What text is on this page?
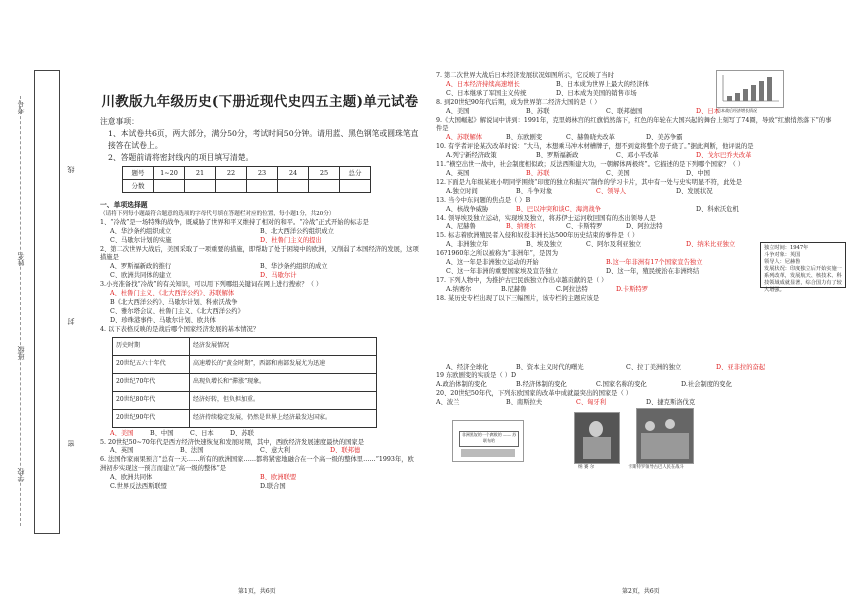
考号
姓名
班级
学校
线
封
密

川教版九年级历史(下册近现代史四五主题)单元试卷

注意事项：

1、本试卷共6页，两大部分，满分50分，考试时间50分钟。请用蓝、黑色钢笔或圆珠笔直接答在试卷上。

2、答题前请将密封线内的项目填写清楚。

题号	1~20	21	22	23	24	25	总分
分数							

一、单项选择题

（请将下列每小题最符合题意的选项的字母代号填在答题栏对应的位置，每小题1分，共20分）

1、“冷战”是一场特殊的战争，既威胁了世界和平又维持了相对的和平。“冷战”正式开始的标志是

A、华沙条约组织成立	B、北大西洋公约组织成立
C、马歇尔计划的实施	D、杜鲁门主义的提出

2、第二次世界大战后，美国采取了一项重要的措施，即帮助了处于困境中的欧洲，又削弱了本国经济的发展，这项措施是

A、罗斯福新政的推行	B、华沙条约组织的成立
C、欧洲共同体的建立	D、马歇尔计

3.小亮准备找“冷战”的有关知识，可以用下列哪组关键词在网上进行搜索？（ ）

A、杜鲁门主义、《北大西洋公约》、苏联解体

B《北大西洋公约》、马歇尔计划、科索沃战争

C、雅尔塔会议、杜鲁门主义、《北大西洋公约》

D、珍珠港事件、马歇尔计划、欧共体

4. 以下表格反映的是战后哪个国家经济发展的基本情况？

历史时期	经济发展情况
20世纪五六十年代	高速增长的“黄金时期”，西部和南部发展尤为迅速
20世纪70年代	出现负增长和“滞涨”现象。
20世纪80年代	经济好转，但负担加重。
20世纪90年代	经济持续稳定发展，仍然是世界上经济最发达国家。
A、美国	B、中国	C、日本	D、苏联

5. 20世纪50~70年代是西方经济快速恢复和发展时期，其中，西欧经济发展速度最快的国家是

A、英国	B、法国	C、意大利	D、联邦德

6. 法国作家雨果预言“总有一天……所有的欧洲国家……都将紧密地融合在一个高一级的整体里……”1993年，欧洲初步实现这一预言而建立“高一级的整体”是

A、欧洲共同体	B、欧洲联盟
C.世界反法西斯联盟	D.联合国

7. 第二次世界大战后日本经济发展状况如图所示，它反映了当时

A、日本经济持续高速增长	B、日本成为世界上最大的经济体
C、日本继承了军国主义传统	D、日本成为美国的销售市场

8. 到20世纪90年代后期，成为世界第二经济大国的是（ ）

A、美国	B、苏联	C、联邦德国	D、日本

9.《大国崛起》解说词中讲到：1991年，克里姆林宫的红旗悄然落下，红色的年轮在大国兴起的舞台上刻写了74圈，导致“红旗悄然落下”的事件是

A、苏联解体	B、东欧剧变	C、赫鲁晓夫改革	D、美苏争霸

10. 有学者评论某次改革时说：“大马，本想乘马冲木材槽牌子，想不到竟将整个房子烧了。”据此判断，他评说的是

A.列宁新经济政策	B、罗斯福新政	C、邓小平改革	D、戈尔巴乔夫改革

11.“横空出世一战中，社会制度相似政；反法西斯建大功，一朝解体两极终”。它描述的是下列哪个国家？（ ）

A、英国	B、苏联	C、美国	D、中国

12.下面是九年级某班小明同学围绕“印度的独立和振兴”制作的学习卡片，其中有一处与史实明显不符，此处是

A.独立时间	B、斗争对象	C、领导人	D、发展状况

13. 当今中东问题的焦点是（ ）B

A、核战争威胁	B、巴以冲突和谈C、海湾战争	D、科索沃危机

14. 领导埃及独立运动，实现埃及独立，将苏伊士运河收回国有的杰出领导人是

A、尼赫鲁	B、纳赛尔	C、卡斯特罗	D、阿拉法特

15. 标志着欧洲殖民者入侵和奴役非洲长达500年历史结束的事件是（ ）

A、非洲独立年	B、埃及独立	C、阿尔及利亚独立	D、纳米比亚独立

16?1960年之所以被称为“非洲年”，是因为

A、这一年是非洲独立运动的开始	B.这一年非洲有17个国家宣告独立
C、这一年非洲的重要国家埃及宣告独立	D、这一年，殖民统治在非洲终结

17. 下列人物中，为推护古巴民族独立作出卓越贡献的是（ ）

A.纳赛尔	B.尼赫鲁	C.阿拉法特	D.卡斯特罗

18. 某历史专栏出现了以下三幅图片，该专栏的主题应该是

A、经济全球化	B、资本主义时代的曙光	C、拉丁美洲的独立	D、亚非拉的奋起

19 东欧剧变的实质是（ ）D

A.政治体制的变化	B.经济体制的变化	C.国家名称的变化	D.社会制度的变化

20、20世纪50年代，下列东欧国家的改革中成就最突出的国家是（ ）

A、波兰	B、南斯拉夫	C、匈牙利	D、捷克斯洛伐克
日本战后经济增长情况
独立时间：1947年
斗争对象：英国
领导人：尼赫鲁
发展状况：印度独立后开始实施一系列改革，发展航天、核技术、科技领域成就显著，综合国力有了较大增强。
非洲黑奴的一个腐败的 —— 苏联布哈
纳 赛 尔	卡斯特罗领导古巴人民在战斗
第1页，共6页	第2页，共6页
